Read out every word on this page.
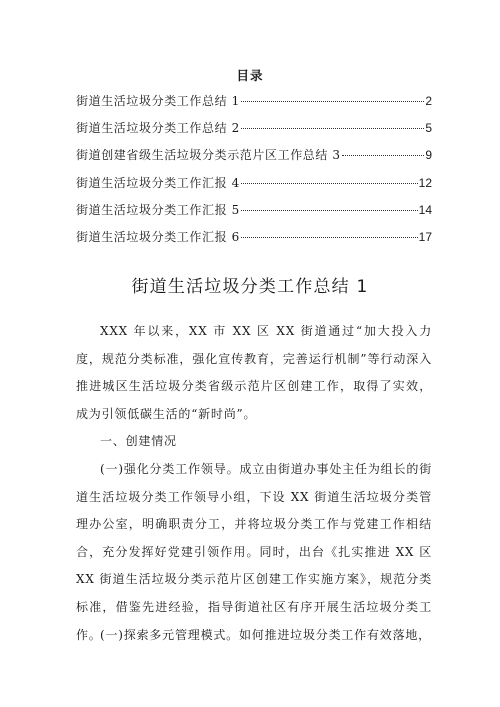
目录
街道生活垃圾分类工作总结 1	2
街道生活垃圾分类工作总结 2	5
街道创建省级生活垃圾分类示范片区工作总结 3	9
街道生活垃圾分类工作汇报 4	12
街道生活垃圾分类工作汇报 5	14
街道生活垃圾分类工作汇报 6	17
街道生活垃圾分类工作总结 1

XXX 年以来，XX 市 XX 区 XX 街道通过“加大投入力度，规范分类标准，强化宣传教育，完善运行机制”等行动深入推进城区生活垃圾分类省级示范片区创建工作，取得了实效，成为引领低碳生活的“新时尚”。

一、创建情况

(一)强化分类工作领导。成立由街道办事处主任为组长的街道生活垃圾分类工作领导小组，下设 XX 街道生活垃圾分类管理办公室，明确职责分工，并将垃圾分类工作与党建工作相结合，充分发挥好党建引领作用。同时，出台《扎实推进 XX 区 XX 街道生活垃圾分类示范片区创建工作实施方案》，规范分类标准，借鉴先进经验，指导街道社区有序开展生活垃圾分类工作。

(一)探索多元管理模式。如何推进垃圾分类工作有效落地，
